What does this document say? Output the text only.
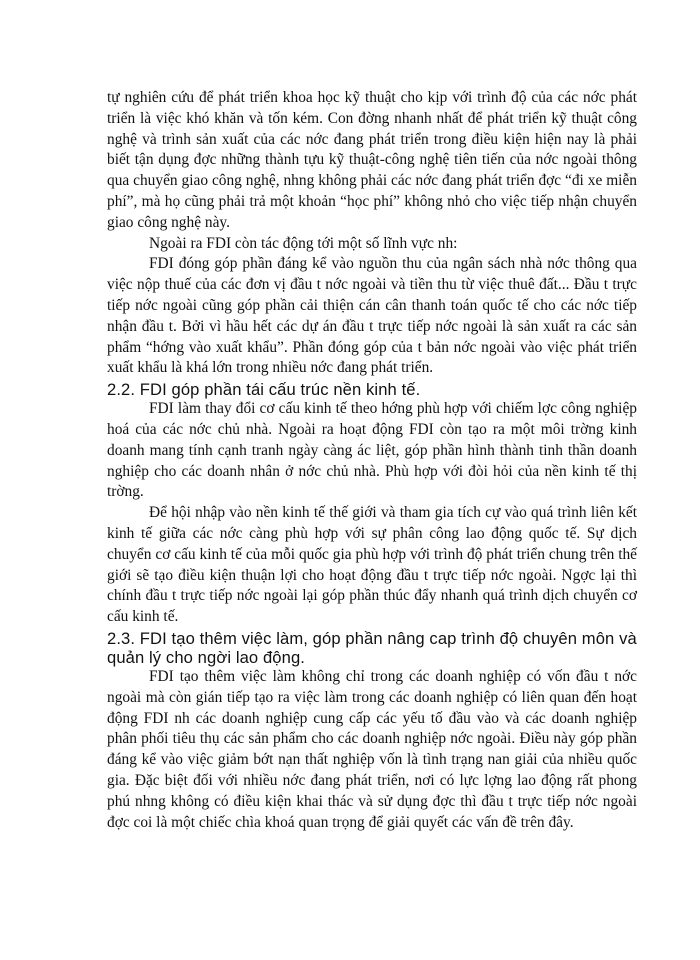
tự nghiên cứu để phát triển khoa học kỹ thuật cho kịp với trình độ của các nớc phát triển là việc khó khăn và tốn kém. Con đờng nhanh nhất để phát triển kỹ thuật công nghệ và trình sản xuất của các nớc đang phát triển trong điều kiện hiện nay là phải biết tận dụng đợc những thành tựu kỹ thuật-công nghệ tiên tiến của nớc ngoài thông qua chuyển giao công nghệ, nhng không phải các nớc đang phát triển đợc “đi xe miễn phí”, mà họ cũng phải trả một khoản “học phí” không nhỏ cho việc tiếp nhận chuyển giao công nghệ này.

Ngoài ra FDI còn tác động tới một số lĩnh vực nh:

FDI đóng góp phần đáng kể vào nguồn thu của ngân sách nhà nớc thông qua việc nộp thuế của các đơn vị đầu t nớc ngoài và tiền thu từ việc thuê đất... Đầu t trực tiếp nớc ngoài cũng góp phần cải thiện cán cân thanh toán quốc tế cho các nớc tiếp nhận đầu t. Bởi vì hầu hết các dự án đầu t trực tiếp nớc ngoài là sản xuất ra các sản phẩm “hớng vào xuất khẩu”. Phần đóng góp của t bản nớc ngoài vào việc phát triển xuất khẩu là khá lớn trong nhiều nớc đang phát triển.

2.2. FDI góp phần tái cấu trúc nền kinh tế.

FDI làm thay đổi cơ cấu kinh tế theo hớng phù hợp với chiếm lợc công nghiệp hoá của các nớc chủ nhà. Ngoài ra hoạt động FDI còn tạo ra một môi trờng kinh doanh mang tính cạnh tranh ngày càng ác liệt, góp phần hình thành tinh thần doanh nghiệp cho các doanh nhân ở nớc chủ nhà. Phù hợp với đòi hỏi của nền kinh tế thị trờng.

Để hội nhập vào nền kinh tế thế giới và tham gia tích cự vào quá trình liên kết kinh tế giữa các nớc càng phù hợp với sự phân công lao động quốc tế. Sự dịch chuyển cơ cấu kinh tế của mỗi quốc gia phù hợp với trình độ phát triển chung trên thế giới sẽ tạo điều kiện thuận lợi cho hoạt động đầu t trực tiếp nớc ngoài. Ngợc lại thì chính đầu t trực tiếp nớc ngoài lại góp phần thúc đẩy nhanh quá trình dịch chuyển cơ cấu kinh tế.

2.3. FDI tạo thêm việc làm, góp phần nâng cap trình độ chuyên môn và quản lý cho ngời lao động.

FDI tạo thêm việc làm không chỉ trong các doanh nghiệp có vốn đầu t nớc ngoài mà còn gián tiếp tạo ra việc làm trong các doanh nghiệp có liên quan đến hoạt động FDI nh các doanh nghiệp cung cấp các yếu tố đầu vào và các doanh nghiệp phân phối tiêu thụ các sản phẩm cho các doanh nghiệp nớc ngoài. Điều này góp phần đáng kể vào việc giảm bớt nạn thất nghiệp vốn là tình trạng nan giải của nhiều quốc gia. Đặc biệt đối với nhiều nớc đang phát triển, nơi có lực lợng lao động rất phong phú nhng không có điều kiện khai thác và sử dụng đợc thì đầu t trực tiếp nớc ngoài đợc coi là một chiếc chìa khoá quan trọng để giải quyết các vấn đề trên đây.
